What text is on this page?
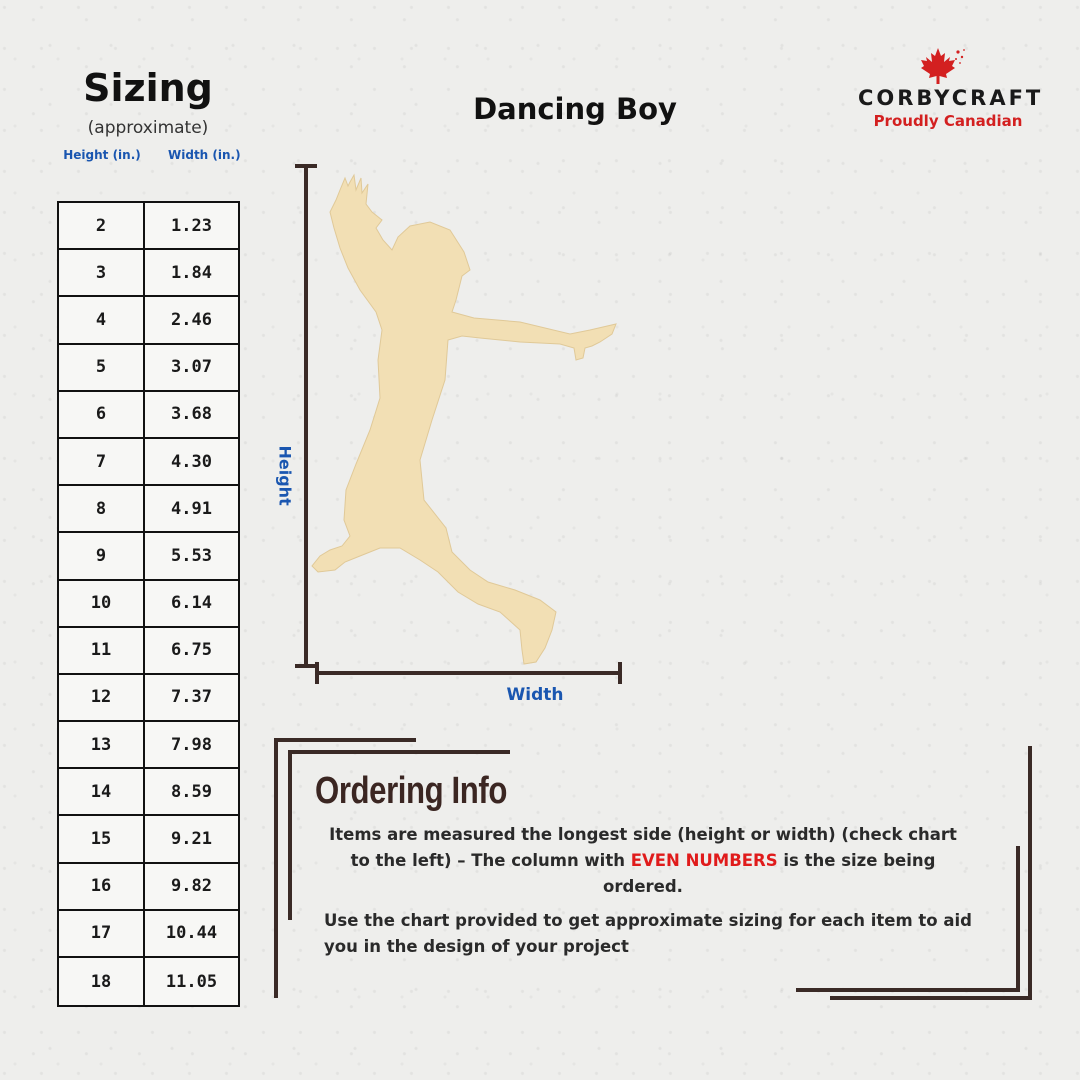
Sizing
(approximate)
Height (in.)	Width (in.)
2	1.23
3	1.84
4	2.46
5	3.07
6	3.68
7	4.30
8	4.91
9	5.53
10	6.14
11	6.75
12	7.37
13	7.98
14	8.59
15	9.21
16	9.82
17	10.44
18	11.05
Dancing Boy	CORBYCRAFT
Proudly Canadian
Height
Width
Ordering Info
Items are measured the longest side (height or width) (check chart to the left) – The column with EVEN NUMBERS is the size being ordered.
Use the chart provided to get approximate sizing for each item to aid you in the design of your project
